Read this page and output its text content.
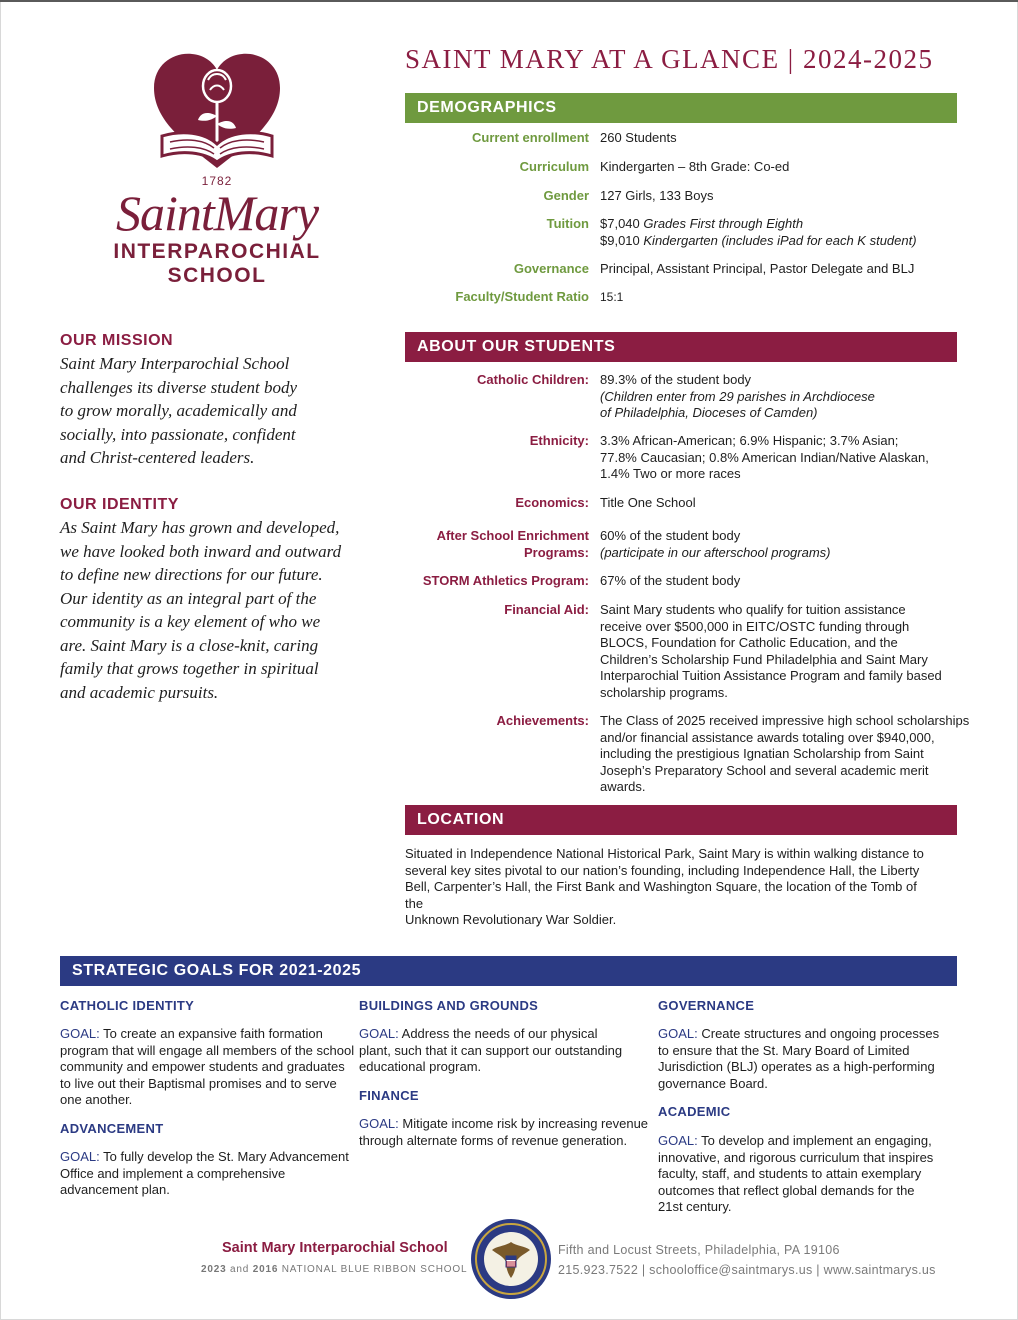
1782
SaintMary
INTERPAROCHIAL
SCHOOL
SAINT MARY AT A GLANCE | 2024-2025
DEMOGRAPHICS
Current enrollment 260 Students
Curriculum Kindergarten – 8th Grade: Co-ed
Gender 127 Girls, 133 Boys
Tuition $7,040 Grades First through Eighth
$9,010 Kindergarten (includes iPad for each K student)
Governance Principal, Assistant Principal, Pastor Delegate and BLJ
Faculty/Student Ratio 15:1
ABOUT OUR STUDENTS
Catholic Children: 89.3% of the student body
(Children enter from 29 parishes in Archdiocese
of Philadelphia, Dioceses of Camden)
Ethnicity: 3.3% African-American; 6.9% Hispanic; 3.7% Asian;
77.8% Caucasian; 0.8% American Indian/Native Alaskan,
1.4% Two or more races
Economics: Title One School
After School Enrichment
Programs:
60% of the student body
(participate in our afterschool programs)
STORM Athletics Program: 67% of the student body
Financial Aid: Saint Mary students who qualify for tuition assistance
receive over $500,000 in EITC/OSTC funding through
BLOCS, Foundation for Catholic Education, and the
Children’s Scholarship Fund Philadelphia and Saint Mary
Interparochial Tuition Assistance Program and family based
scholarship programs.
Achievements: The Class of 2025 received impressive high school scholarships
and/or financial assistance awards totaling over $940,000,
including the prestigious Ignatian Scholarship from Saint
Joseph’s Preparatory School and several academic merit awards.
LOCATION
Situated in Independence National Historical Park, Saint Mary is within walking distance to
several key sites pivotal to our nation’s founding, including Independence Hall, the Liberty
Bell, Carpenter’s Hall, the First Bank and Washington Square, the location of the Tomb of the
Unknown Revolutionary War Soldier.
OUR MISSION
Saint Mary Interparochial School
challenges its diverse student body
to grow morally, academically and
socially, into passionate, confident
and Christ-centered leaders.
OUR IDENTITY
As Saint Mary has grown and developed,
we have looked both inward and outward
to define new directions for our future.
Our identity as an integral part of the
community is a key element of who we
are. Saint Mary is a close-knit, caring
family that grows together in spiritual
and academic pursuits.
STRATEGIC GOALS FOR 2021-2025
CATHOLIC IDENTITY
GOAL: To create an expansive faith formation
program that will engage all members of the school
community and empower students and graduates
to live out their Baptismal promises and to serve
one another.
ADVANCEMENT
GOAL: To fully develop the St. Mary Advancement
Office and implement a comprehensive
advancement plan.
BUILDINGS AND GROUNDS
GOAL: Address the needs of our physical
plant, such that it can support our outstanding
educational program.
FINANCE
GOAL: Mitigate income risk by increasing revenue
through alternate forms of revenue generation.
GOVERNANCE
GOAL: Create structures and ongoing processes
to ensure that the St. Mary Board of Limited
Jurisdiction (BLJ) operates as a high-performing
governance Board.
ACADEMIC
GOAL: To develop and implement an engaging,
innovative, and rigorous curriculum that inspires
faculty, staff, and students to attain exemplary
outcomes that reflect global demands for the
21st century.
Saint Mary Interparochial School
2023 and 2016 NATIONAL BLUE RIBBON SCHOOL
Fifth and Locust Streets, Philadelphia, PA 19106
215.923.7522 | schooloffice@saintmarys.us | www.saintmarys.us
